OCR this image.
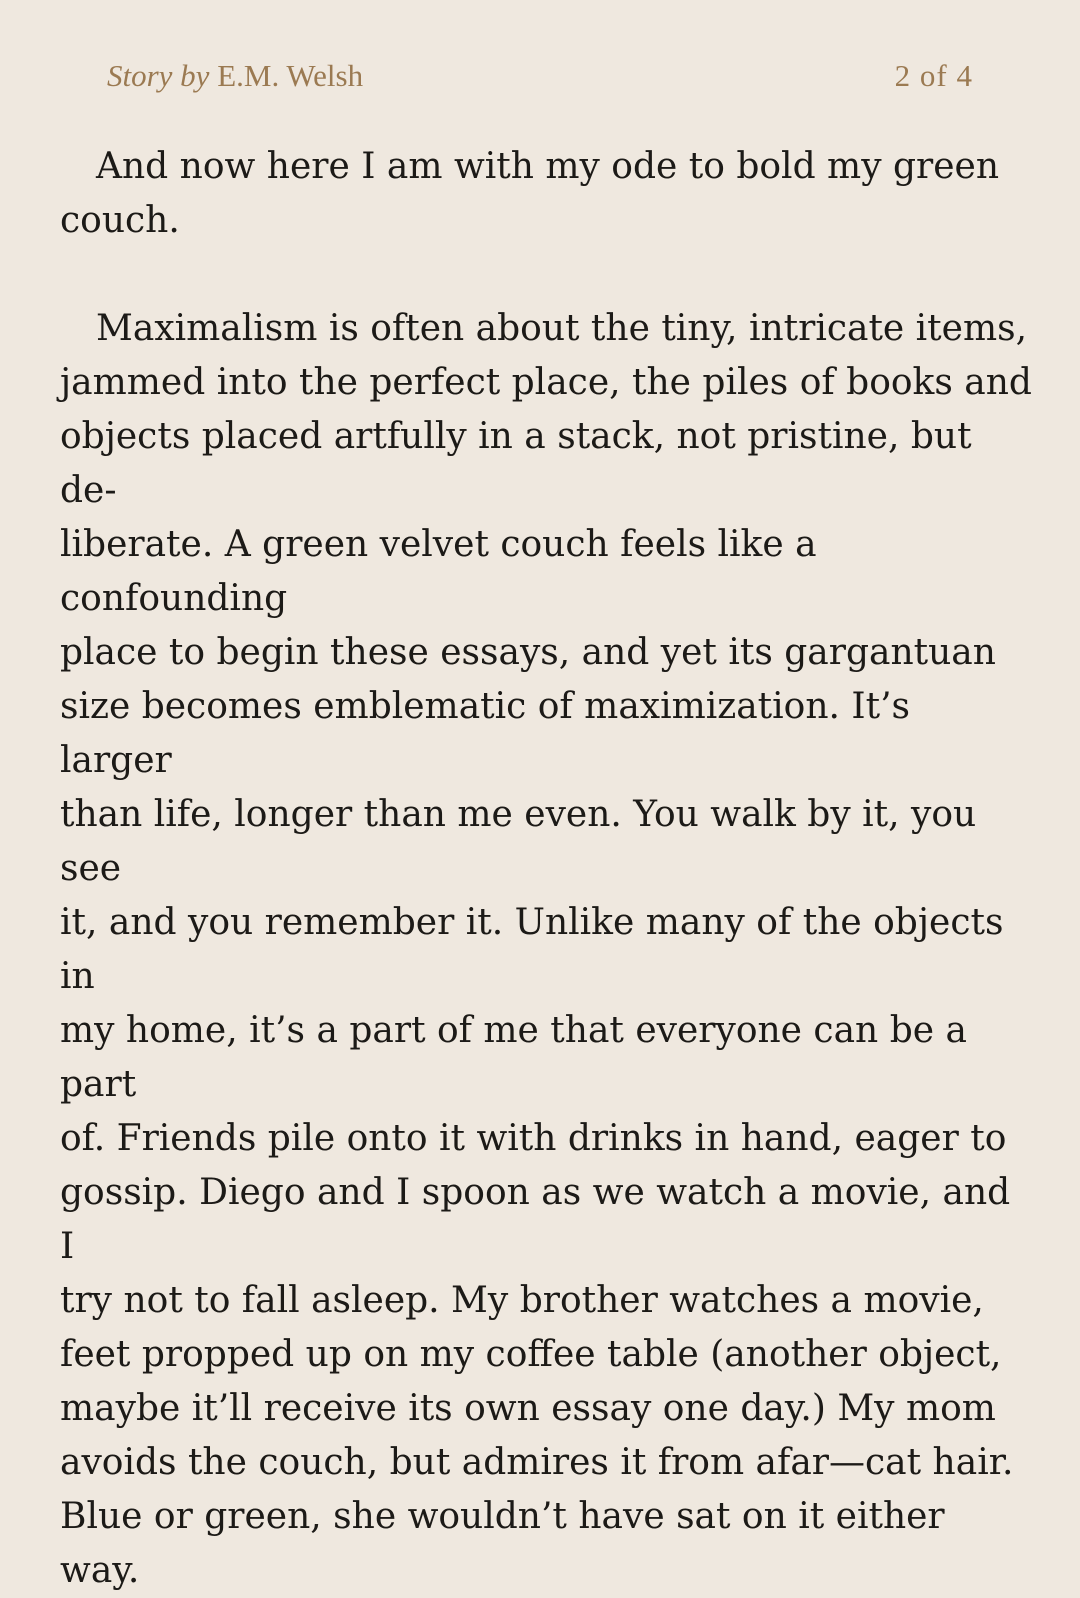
Story by E.M. Welsh	2 of 4

And now here I am with my ode to bold my green
couch.

Maximalism is often about the tiny, intricate items,
jammed into the perfect place, the piles of books and
objects placed artfully in a stack, not pristine, but de-
liberate. A green velvet couch feels like a confounding
place to begin these essays, and yet its gargantuan
size becomes emblematic of maximization. It’s larger
than life, longer than me even. You walk by it, you see
it, and you remember it. Unlike many of the objects in
my home, it’s a part of me that everyone can be a part
of. Friends pile onto it with drinks in hand, eager to
gossip. Diego and I spoon as we watch a movie, and I
try not to fall asleep. My brother watches a movie,
feet propped up on my coffee table (another object,
maybe it’ll receive its own essay one day.) My mom
avoids the couch, but admires it from afar—cat hair.
Blue or green, she wouldn’t have sat on it either way.
